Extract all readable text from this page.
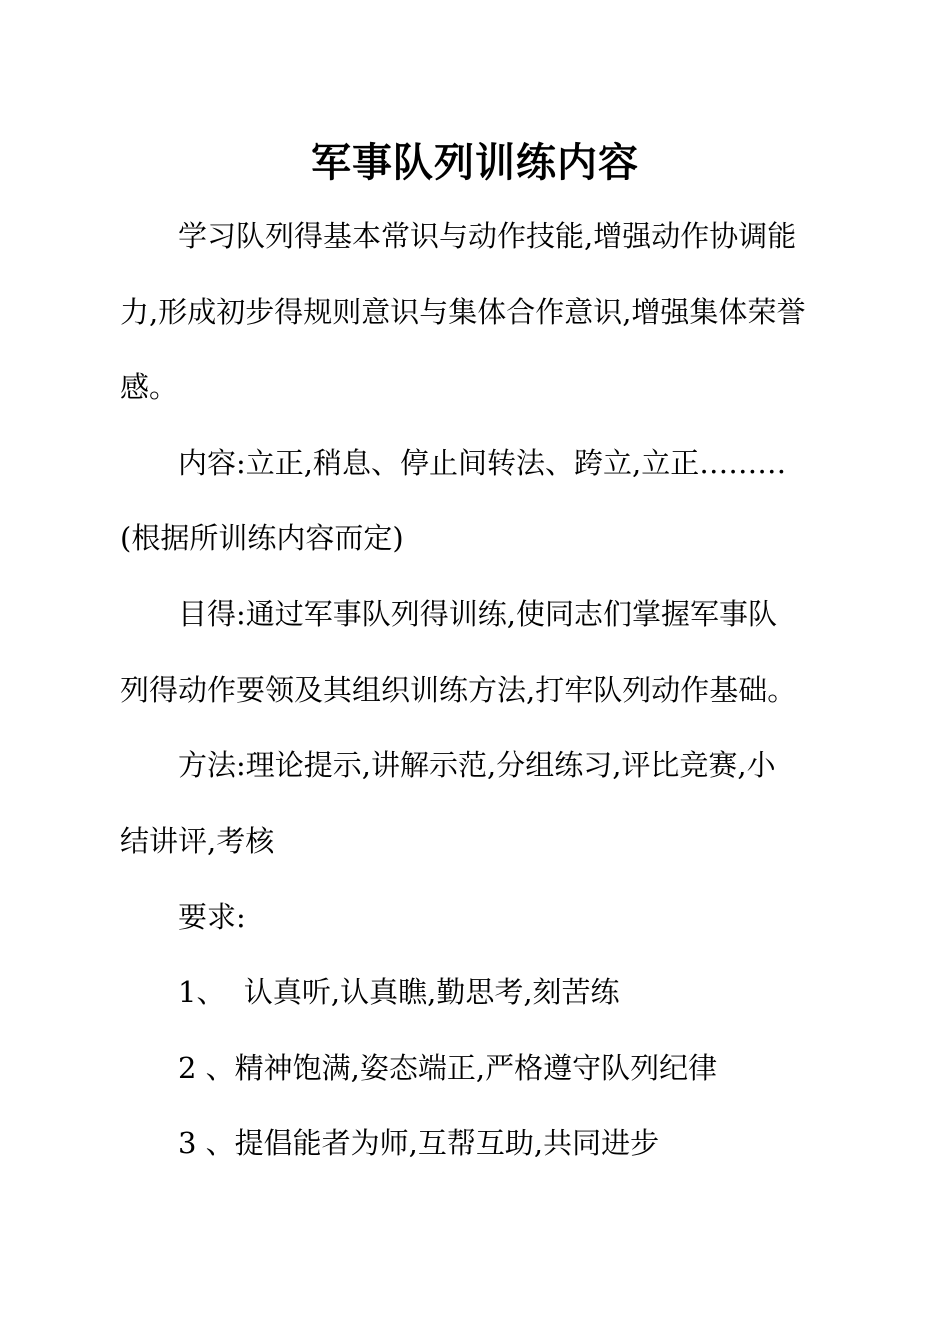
军事队列训练内容
学习队列得基本常识与动作技能,增强动作协调能
力,形成初步得规则意识与集体合作意识,增强集体荣誉
感。
内容:立正,稍息、停止间转法、跨立,立正………
(根据所训练内容而定)
目得:通过军事队列得训练,使同志们掌握军事队
列得动作要领及其组织训练方法,打牢队列动作基础。
方法:理论提示,讲解示范,分组练习,评比竞赛,小
结讲评,考核
要求:
1、  认真听,认真瞧,勤思考,刻苦练
2 、精神饱满,姿态端正,严格遵守队列纪律
3 、提倡能者为师,互帮互助,共同进步
